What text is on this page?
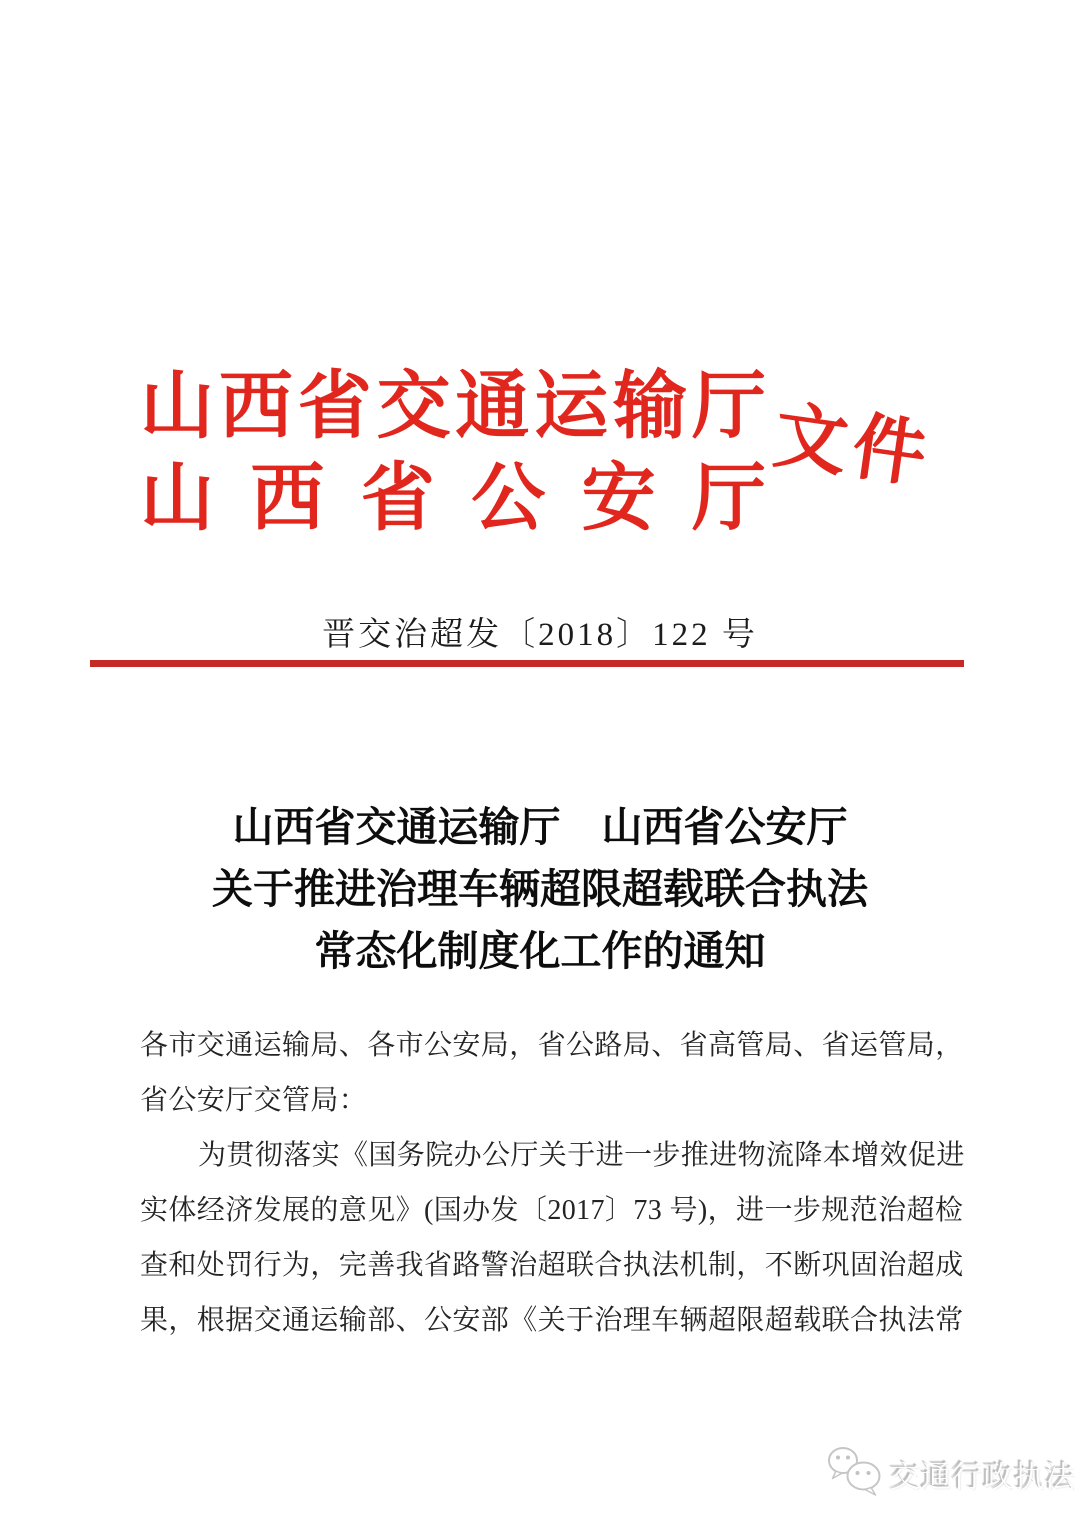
山西省交通运输厅
山西省公安厅
文件
晋交治超发〔2018〕122 号
山西省交通运输厅　山西省公安厅
关于推进治理车辆超限超载联合执法
常态化制度化工作的通知
各市交通运输局、各市公安局，省公路局、省高管局、省运管局，
省公安厅交管局：
为贯彻落实《国务院办公厅关于进一步推进物流降本增效促进
实体经济发展的意见》(国办发〔2017〕73 号)，进一步规范治超检
查和处罚行为，完善我省路警治超联合执法机制，不断巩固治超成
果，根据交通运输部、公安部《关于治理车辆超限超载联合执法常
交通行政执法
